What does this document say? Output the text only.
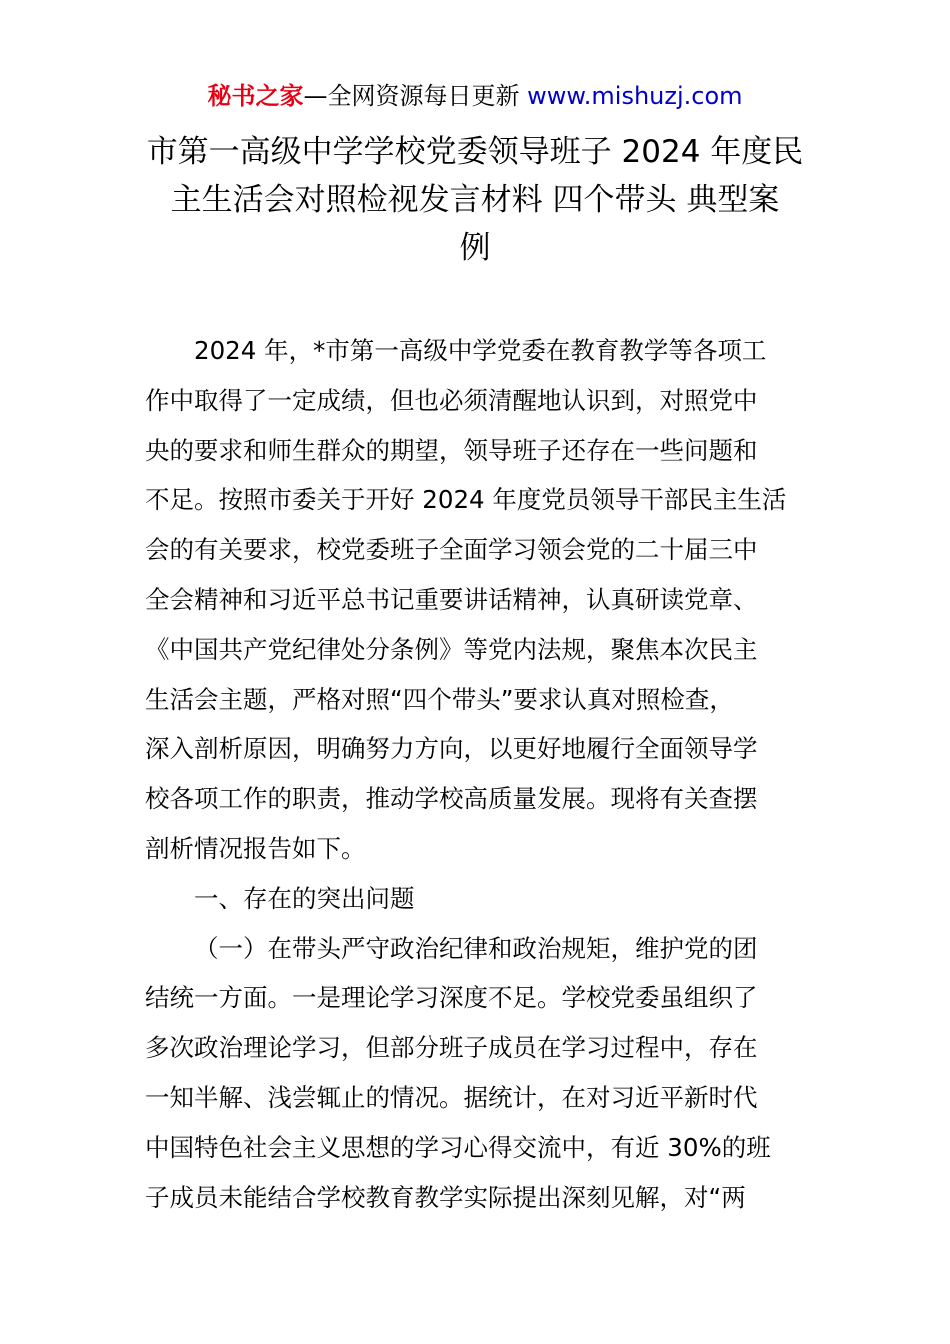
秘书之家—全网资源每日更新 www.mishuzj.com
市第一高级中学学校党委领导班子 2024 年度民
主生活会对照检视发言材料 四个带头 典型案
例
2024 年，*市第一高级中学党委在教育教学等各项工
作中取得了一定成绩，但也必须清醒地认识到，对照党中
央的要求和师生群众的期望，领导班子还存在一些问题和
不足。按照市委关于开好 2024 年度党员领导干部民主生活
会的有关要求，校党委班子全面学习领会党的二十届三中
全会精神和习近平总书记重要讲话精神，认真研读党章、
《中国共产党纪律处分条例》等党内法规，聚焦本次民主
生活会主题，严格对照“四个带头”要求认真对照检查，
深入剖析原因，明确努力方向，以更好地履行全面领导学
校各项工作的职责，推动学校高质量发展。现将有关查摆
剖析情况报告如下。
一、存在的突出问题
（一）在带头严守政治纪律和政治规矩，维护党的团
结统一方面。一是理论学习深度不足。学校党委虽组织了
多次政治理论学习，但部分班子成员在学习过程中，存在
一知半解、浅尝辄止的情况。据统计，在对习近平新时代
中国特色社会主义思想的学习心得交流中，有近 30%的班
子成员未能结合学校教育教学实际提出深刻见解，对“两
